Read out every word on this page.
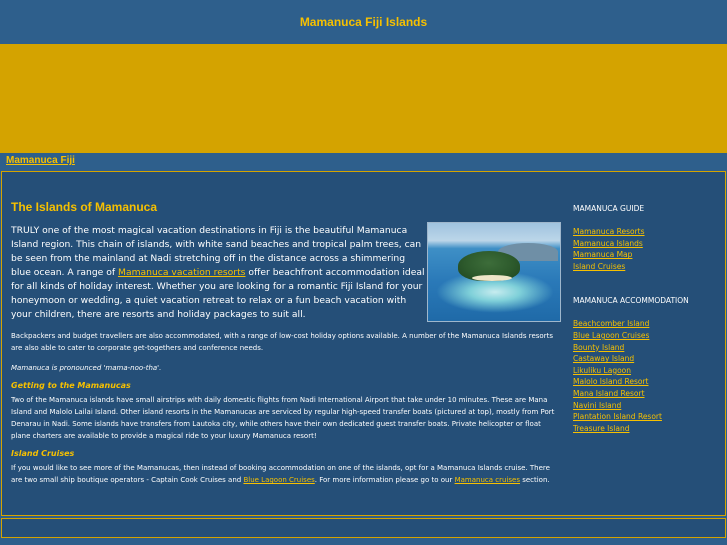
Mamanuca Fiji Islands
Mamanuca Fiji
The Islands of Mamanuca

TRULY one of the most magical vacation destinations in Fiji is the beautiful Mamanuca Island region. This chain of islands, with white sand beaches and tropical palm trees, can be seen from the mainland at Nadi stretching off in the distance across a shimmering blue ocean. A range of Mamanuca vacation resorts offer beachfront accommodation ideal for all kinds of holiday interest. Whether you are looking for a romantic Fiji Island for your honeymoon or wedding, a quiet vacation retreat to relax or a fun beach vacation with your children, there are resorts and holiday packages to suit all.

Backpackers and budget travellers are also accommodated, with a range of low-cost holiday options available. A number of the Mamanuca Islands resorts are also able to cater to corporate get-togethers and conference needs.

Mamanuca is pronounced 'mama-noo-tha'.

Getting to the Mamanucas

Two of the Mamanuca islands have small airstrips with daily domestic flights from Nadi International Airport that take under 10 minutes. These are Mana Island and Malolo Lailai Island. Other island resorts in the Mamanucas are serviced by regular high-speed transfer boats (pictured at top), mostly from Port Denarau in Nadi. Some islands have transfers from Lautoka city, while others have their own dedicated guest transfer boats. Private helicopter or float plane charters are available to provide a magical ride to your luxury Mamanuca resort!

Island Cruises

If you would like to see more of the Mamanucas, then instead of booking accommodation on one of the islands, opt for a Mamanuca Islands cruise. There are two small ship boutique operators - Captain Cook Cruises and Blue Lagoon Cruises. For more information please go to our Mamanuca cruises section.

MAMANUCA GUIDE
Mamanuca Resorts
Mamanuca Islands
Mamanuca Map
Island Cruises
MAMANUCA ACCOMMODATION
Beachcomber Island
Blue Lagoon Cruises
Bounty Island
Castaway Island
Likuliku Lagoon
Malolo Island Resort
Mana Island Resort
Navini Island
Plantation Island Resort
Treasure Island
